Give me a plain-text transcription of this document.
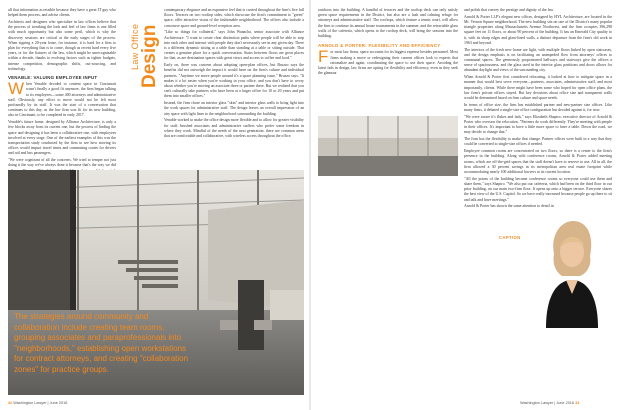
all that information accessible because they have a great IT guy who helped them process, and advise clients.

Architects and designers who specialize in law offices believe that the process of tweaking the look and feel of law firms is one filled with much opportunity but also some peril, which is why the discovery sessions are critical at the early stages of the process. When signing a 20-year lease, for instance, it is hard for a firm to plan for everything that is to come, though as recent hard every five years, or for the fixtures of the law, which might be unrecognizable within a decade, thanks to evolving factors such as tighter budgets, intense competition, demographic shifts, out-sourcing, and technology.

VENABLE: VALUING EMPLOYEE INPUT

When Venable decided to content space in Cincinnati wasn't finally a good fit anymore, the firm began talking to its employees—some 400 attorneys and administrative staff. Obviously, any effort to move would not be felt most profoundly by its staff. It was the start of a conversation that continues to this day, as the law firm was fit for its new building, also in Cincinnati, to be completed in early 2017.

Venable's future home, designed by Alliance Architecture, is only a few blocks away from its current one, but the process of finding the space and designing it has been a collaborative one, with employees involved at every stage. One of the earliest examples of this was the transportation study conducted by the firm to see how moving its offices would impact travel times and commuting routes for drivers and rail and bus passengers.

"We were cognizant of all the concerns. We tried to temper not just doing it the way we've always done it because that's the way we did

Law Office Design

contemporary elegance and an expansive feel that is carried throughout the firm's five full floors. Terraces on two rooftop sides, which showcase the firm's commitment to "green" space, offer attractive vistas of the fashionable neighborhood. The offices also include a concourse space and ground-level reception area.

"Like so things for collateral," says John Wanacha, senior associate with Alliance Architecture. "I want to create clear distinction paths where people will be able to step into each other and interact with people they don't necessarily see in any given day. There is a different dynamic sitting at a table than standing at a table or sitting outside. That creates a genuine place for a quick conversation. Stairs between floors are great places for that, as are destination spaces with great views and access to coffee and food."

Early on, there was concern about adopting open-plan offices, but Bruzzo says the benefits did not outweigh the impact it would have on the firm's culture and individual partners. "Anytime we move people around it's a space planning issue," Bruzzo says. "It makes it a lot easier when you're working in your office, and you don't have to worry about whether you're moving an associate three or partner there. But we realized that you can't culturally take partners who have been at a larger office for 10 or 20 years and put them into smaller offices."

Instead, the firm chose an interior glass "skin" and interior glass walls to bring light into the work spaces for administrative staff. The design leaves an overall impression of an airy space with light lines to the neighborhood surrounding the building.

Venable worked to make the office design more flexible and to allow for greater visibility for staff, brushed associates and administrative staffers who prefer some freedom in where they work. Mindful of the needs of the next generation, there are common areas that are comfortable and collaborative, with wireless access throughout the office.

The strategies around community and collaboration include creating team rooms, grouping associates and paraprofessionals into "neighborhoods," establishing open workstations for contract attorneys, and creating "collaboration zones" for practice groups.
32 Washington Lawyer | June 2016

outdoors into the building. A handful of terraces and the rooftop deck can only satisfy green space requirements in the District, but also are a lush and calming refuge for attorneys and administrative staff. The rooftops, which feature a tennis court, will allow the firm to continue its annual house tournaments in the summer, and the retractable glass walls of the cafeteria, which opens to the rooftop deck, will bring the seasons into the building.

ARNOLD & PORTER: FLEXIBILITY AND EFFICIENCY

For most law firms, space accounts for its biggest expense besides personnel. Most firms making a move or redesigning their current offices look to experts that rationalize and again, coordinating the space to use their space. Avoiding the latest fads in design, law firms are opting for flexibility and efficiency, even as they seek the glamour

and polish that convey the prestige and dignity of the law.

Arnold & Porter LLP's elegant new offices, designed by HYL Architecture, are located in the Mt. Vernon Square neighborhood. The new building sits on one of the District's many popular triangle properties along Massachusetts Avenue Northwest, and the firm occupies 396,298 square feet on 11 floors, or about 90 percent of the building. It has an Emerald City quality to it, with its sharp edges and glass-lined walls, a distinct departure from the firm's old work in 1963 and beyond.

The interiors of the fresh new home are light, with multiple floors linked by open staircases, and the design emphasis is on facilitating an unimpeded flow from attorneys' offices to communal spaces. The generously proportioned hallways and stairways give the offices a sense of spaciousness, and the glass used in the interior glass partitions and doors allows for abundant daylight and views of the surrounding city.

When Arnold & Porter first considered relocating, it looked at how to mitigate space in a manner that would best serve everyone—partners, associates, administrative staff, and most importantly, clients. While there might have been some who hoped for open office plans, the law firm's private offices stayed. But key decisions about office size and transparent walls would be determined based on firm culture and space needs.

In terms of office size, the firm has established partner and new-partner size offices. Like many firms, it debated a single-size office configuration but decided against it, for now.

"We were aware it's flukes and fads," says Elizabeth Shapiro, executive director of Arnold & Porter who oversaw the relocation. "Partners do work differently. They're meeting with people in their offices. It's important to have a little more space to have a table. Down the road, we may decide to change that."

The firm has the flexibility to make that change. Partner offices were built in a way that they could be converted to single-size offices if needed.

Employee common rooms are concentrated on two floors, so there is a center to the firm's presence in the building. Along with conference rooms, Arnold & Porter added meeting rooms, which are off-the-grid spaces that the staff doesn't have to reserve to use. All in all, the firm allowed a 30 percent savings in its metropolitan area real estate footprint while accommodating nearly 100 additional lawyers at its current location.

"All the points of the building became conference rooms so everyone could use them and share them," says Shapiro. "We also put our cafeteria, which had been on the third floor in our prior building, on our main two-firm floor. It opens up onto a bigger terrace. Everyone shares the best view of the U.S. Capitol. So we have really increased because people go up there to sit and talk and have meetings."

Arnold & Porter has shown the same attention to detail in

CAPTION
Washington Lawyer | June 2016 33
